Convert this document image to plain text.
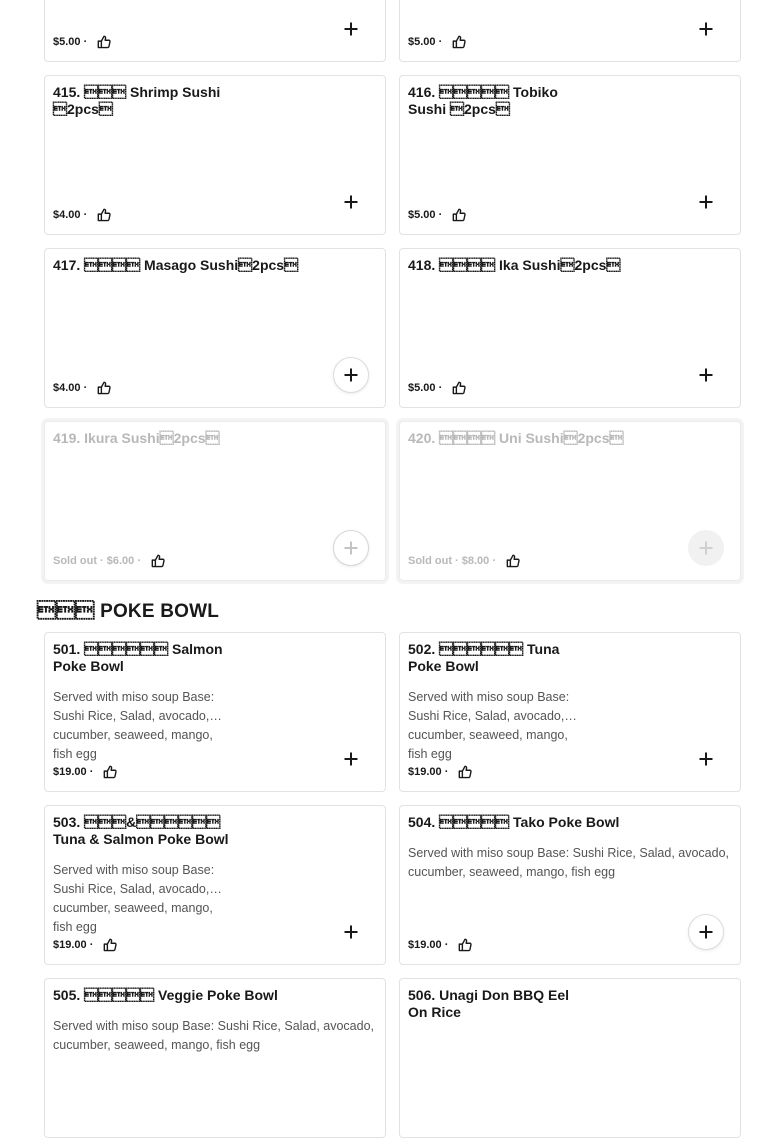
$5.00 ·	$5.00 ·
415.  Shrimp Sushi 2pcs
$4.00 ·
416.  Tobiko Sushi 2pcs
$5.00 ·
417.  Masago Sushi2pcs
$4.00 ·
418.  Ika Sushi2pcs
$5.00 ·
419. Ikura Sushi2pcs
Sold out · $6.00 ·
420.  Uni Sushi2pcs
Sold out · $8.00 ·
 POKE BOWL
501.  Salmon Poke Bowl
Served with miso soup Base: Sushi Rice, Salad, avocado, cucumber, seaweed, mango, fish egg
$19.00 ·
502.  Tuna Poke Bowl
Served with miso soup Base: Sushi Rice, Salad, avocado, cucumber, seaweed, mango, fish egg
$19.00 ·
503. & Tuna & Salmon Poke Bowl
Served with miso soup Base: Sushi Rice, Salad, avocado, cucumber, seaweed, mango, fish egg
$19.00 ·
504.  Tako Poke Bowl
Served with miso soup Base: Sushi Rice, Salad, avocado, cucumber, seaweed, mango, fish egg
$19.00 ·
505.  Veggie Poke Bowl
Served with miso soup Base: Sushi Rice, Salad, avocado, cucumber, seaweed, mango, fish egg
506. Unagi Don BBQ Eel On Rice
